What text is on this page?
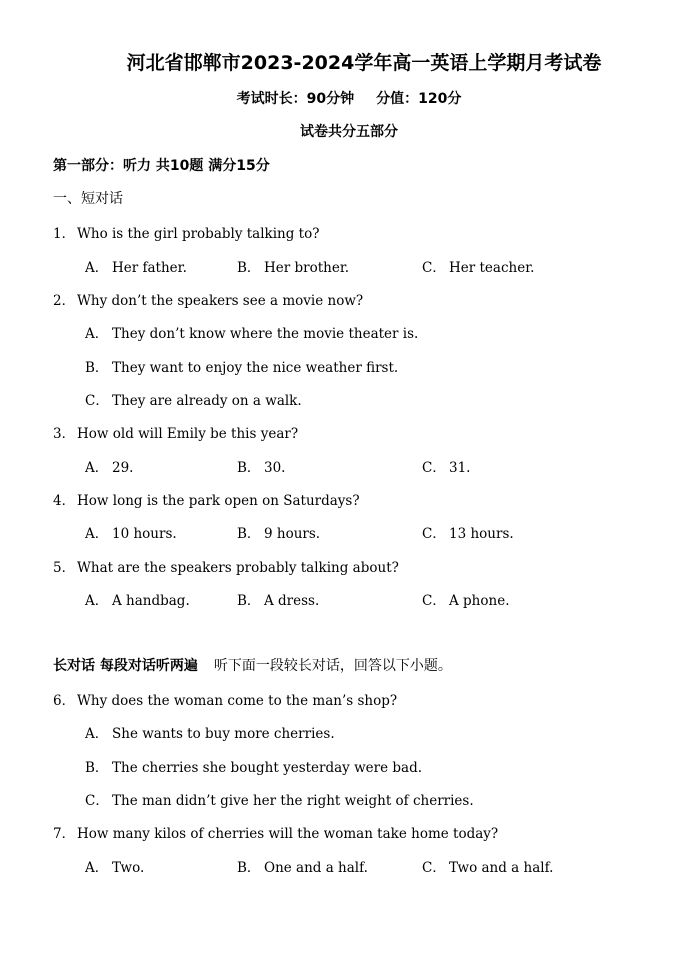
河北省邯郸市2023-2024学年高一英语上学期月考试卷
考试时长：90分钟 分值：120分
试卷共分五部分
第一部分：听力 共10题 满分15分
一、短对话
1． Who is the girl probably talking to?
A． Her father.	B． Her brother.	C． Her teacher.
2． Why don’t the speakers see a movie now?
A． They don’t know where the movie theater is.
B． They want to enjoy the nice weather first.
C． They are already on a walk.
3． How old will Emily be this year?
A． 29.	B． 30.	C． 31.
4． How long is the park open on Saturdays?
A． 10 hours.	B． 9 hours.	C． 13 hours.
5． What are the speakers probably talking about?
A． A handbag.	B． A dress.	C． A phone.
长对话 每段对话听两遍 听下面一段较长对话，回答以下小题。
6． Why does the woman come to the man’s shop?
A． She wants to buy more cherries.
B． The cherries she bought yesterday were bad.
C． The man didn’t give her the right weight of cherries.
7． How many kilos of cherries will the woman take home today?
A． Two.	B． One and a half.	C． Two and a half.
